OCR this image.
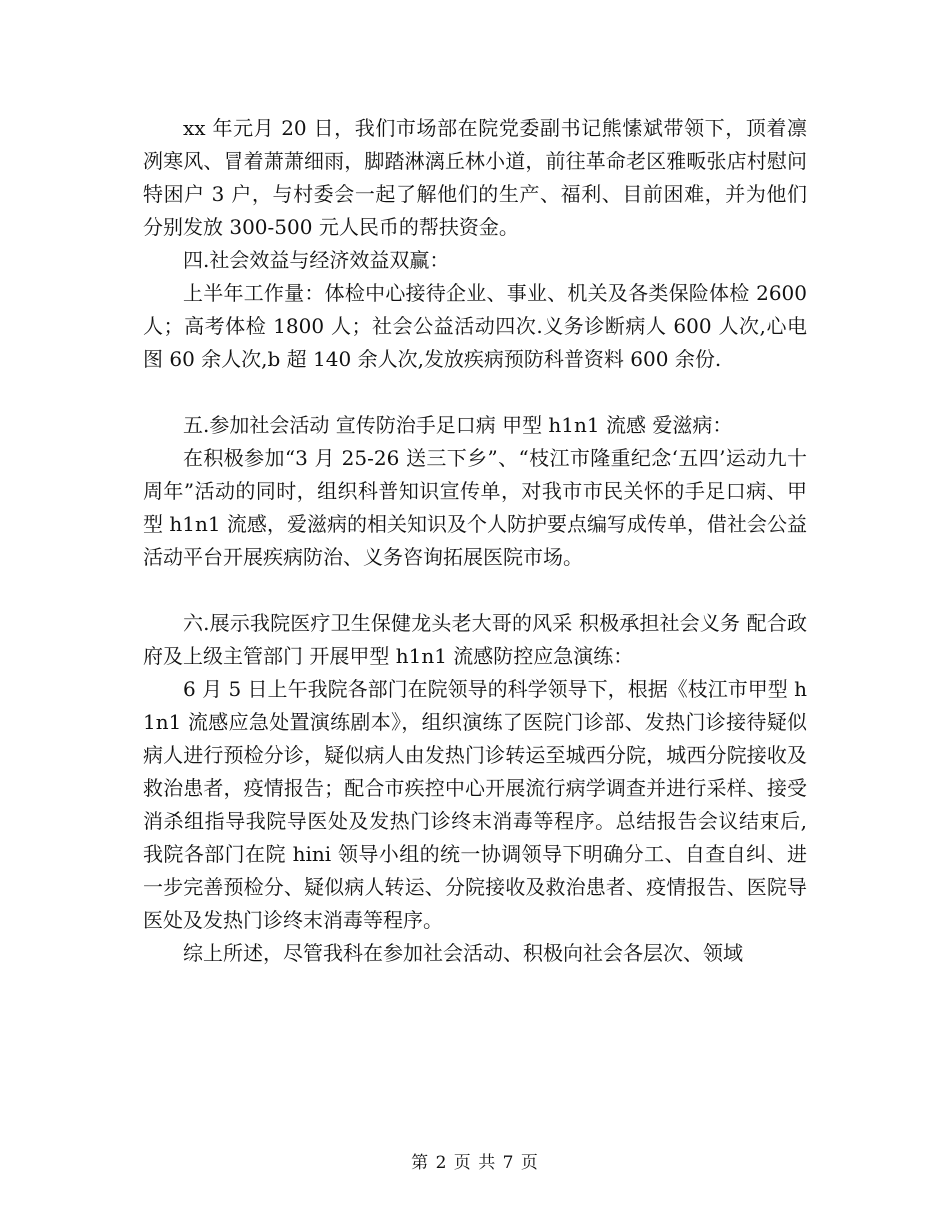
xx 年元月 20 日，我们市场部在院党委副书记熊愫斌带领下，顶着凛冽寒风、冒着萧萧细雨，脚踏淋漓丘林小道，前往革命老区雅畈张店村慰问特困户 3 户，与村委会一起了解他们的生产、福利、目前困难，并为他们分别发放 300-500 元人民币的帮扶资金。

四.社会效益与经济效益双赢：

上半年工作量：体检中心接待企业、事业、机关及各类保险体检 2600 人；高考体检 1800 人；社会公益活动四次.义务诊断病人 600 人次,心电图 60 余人次,b 超 140 余人次,发放疾病预防科普资料 600 余份.

五.参加社会活动 宣传防治手足口病 甲型 h1n1 流感 爱滋病：

在积极参加“3 月 25-26 送三下乡”、“枝江市隆重纪念‘五四’运动九十周年”活动的同时，组织科普知识宣传单，对我市市民关怀的手足口病、甲型 h1n1 流感，爱滋病的相关知识及个人防护要点编写成传单，借社会公益活动平台开展疾病防治、义务咨询拓展医院市场。

六.展示我院医疗卫生保健龙头老大哥的风采 积极承担社会义务 配合政府及上级主管部门 开展甲型 h1n1 流感防控应急演练：

6 月 5 日上午我院各部门在院领导的科学领导下，根据《枝江市甲型 h1n1 流感应急处置演练剧本》，组织演练了医院门诊部、发热门诊接待疑似病人进行预检分诊，疑似病人由发热门诊转运至城西分院，城西分院接收及救治患者，疫情报告；配合市疾控中心开展流行病学调查并进行采样、接受消杀组指导我院导医处及发热门诊终末消毒等程序。总结报告会议结束后,我院各部门在院 hini 领导小组的统一协调领导下明确分工、自查自纠、进一步完善预检分、疑似病人转运、分院接收及救治患者、疫情报告、医院导医处及发热门诊终末消毒等程序。

综上所述，尽管我科在参加社会活动、积极向社会各层次、领域

第 2 页 共 7 页
